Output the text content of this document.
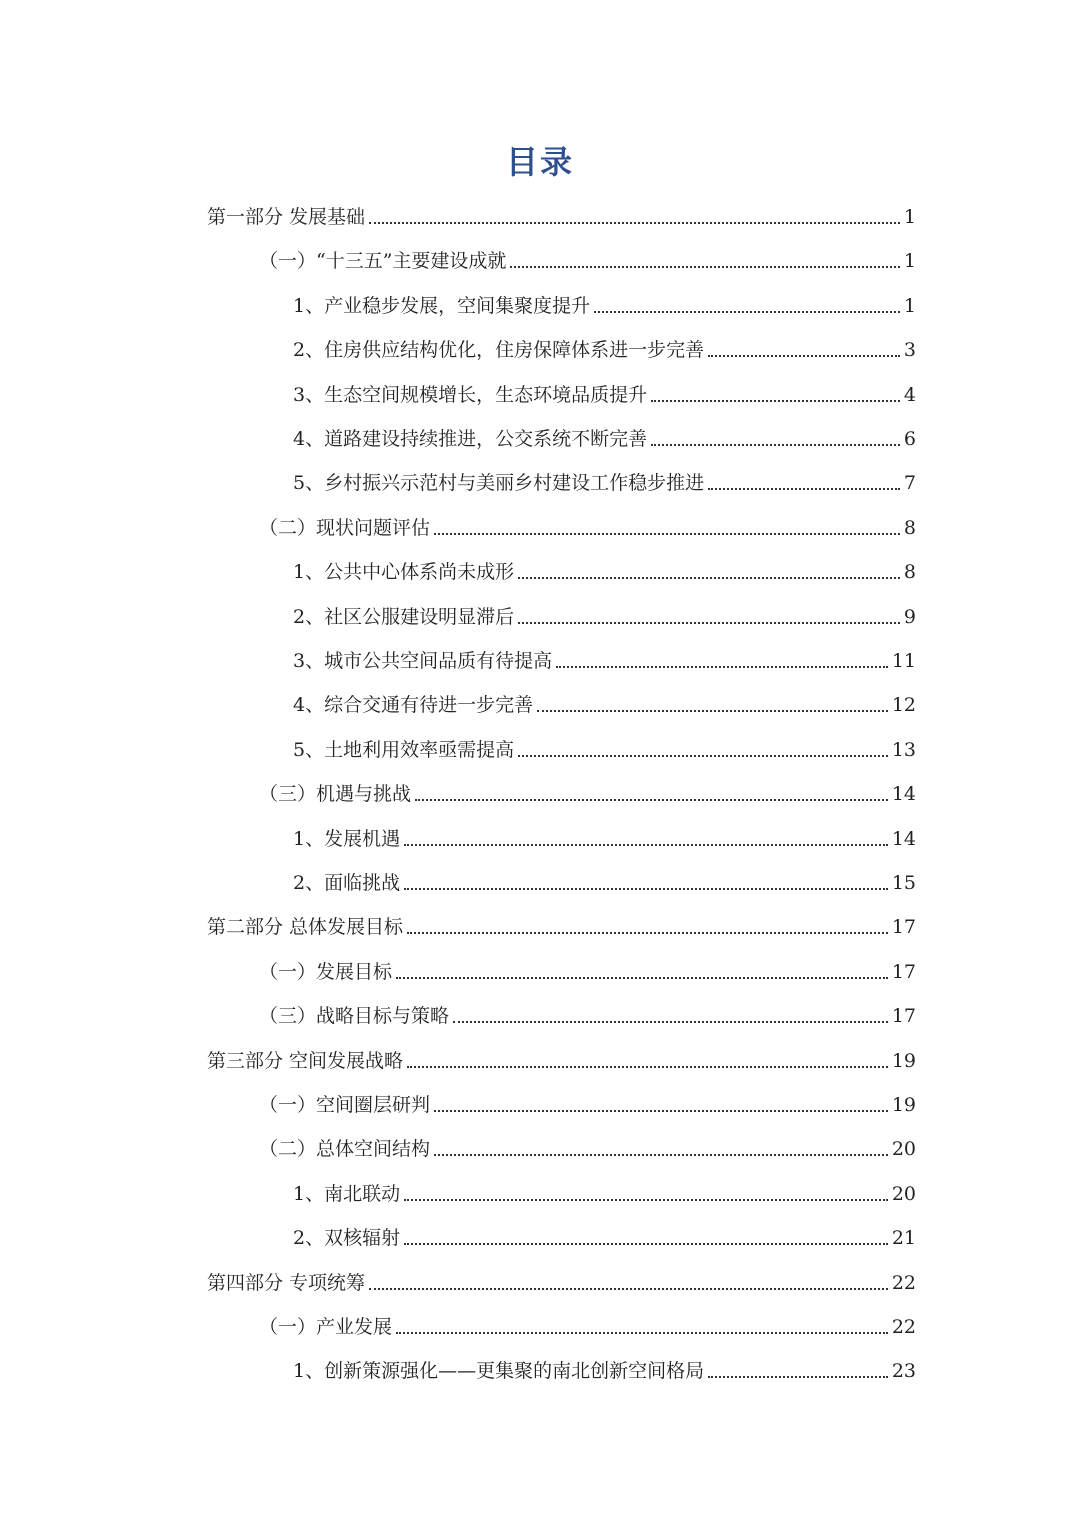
目录
第一部分 发展基础	1
（一）“十三五”主要建设成就	1
1、产业稳步发展，空间集聚度提升	1
2、住房供应结构优化，住房保障体系进一步完善	3
3、生态空间规模增长，生态环境品质提升	4
4、道路建设持续推进，公交系统不断完善	6
5、乡村振兴示范村与美丽乡村建设工作稳步推进	7
（二）现状问题评估	8
1、公共中心体系尚未成形	8
2、社区公服建设明显滞后	9
3、城市公共空间品质有待提高	11
4、综合交通有待进一步完善	12
5、土地利用效率亟需提高	13
（三）机遇与挑战	14
1、发展机遇	14
2、面临挑战	15
第二部分 总体发展目标	17
（一）发展目标	17
（三）战略目标与策略	17
第三部分 空间发展战略	19
（一）空间圈层研判	19
（二）总体空间结构	20
1、南北联动	20
2、双核辐射	21
第四部分 专项统筹	22
（一）产业发展	22
1、创新策源强化——更集聚的南北创新空间格局	23
